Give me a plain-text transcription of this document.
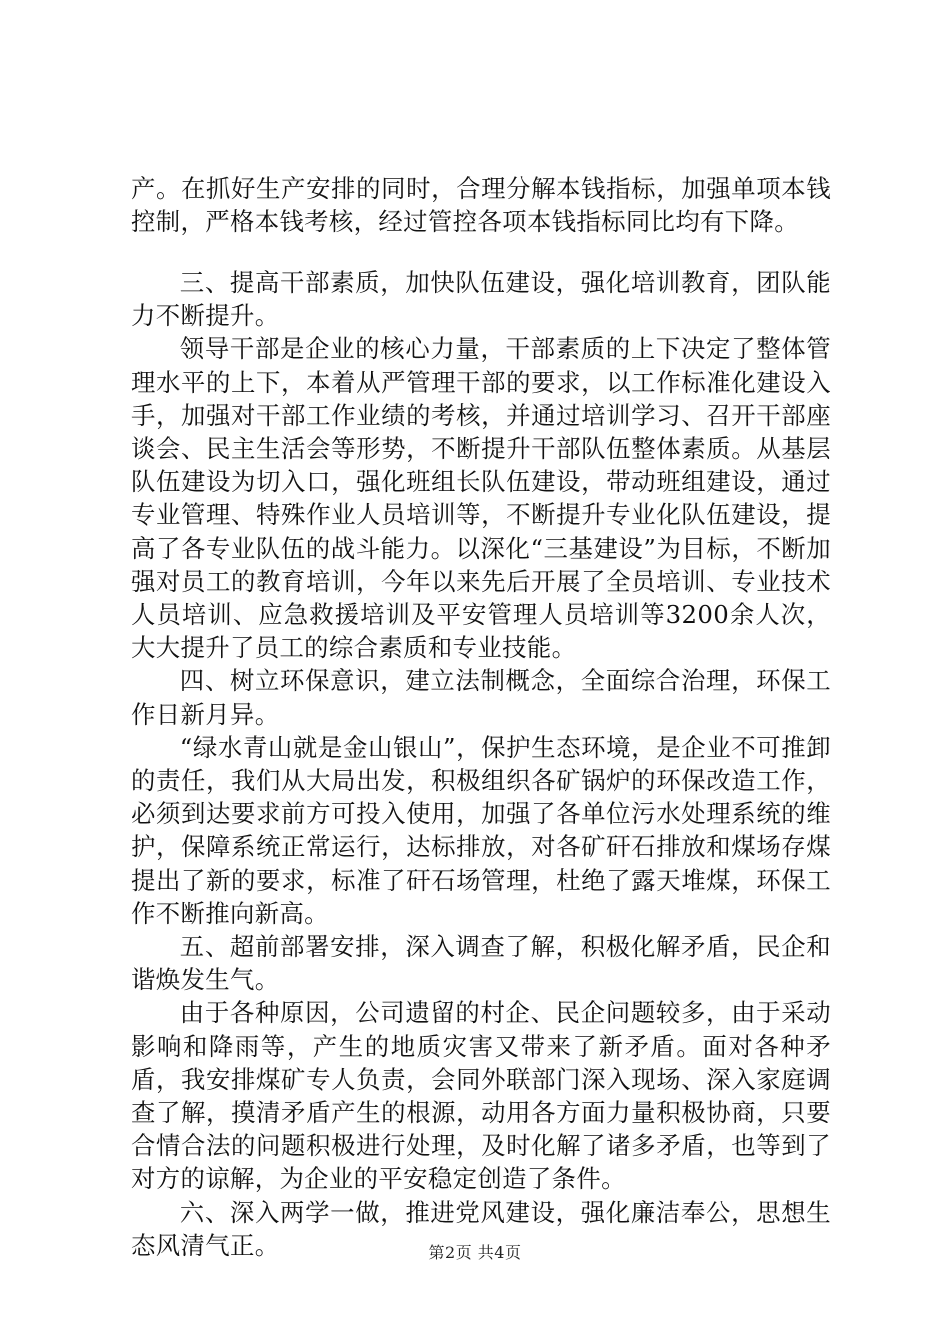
产。在抓好生产安排的同时，合理分解本钱指标，加强单项本钱控制，严格本钱考核，经过管控各项本钱指标同比均有下降。

三、提高干部素质，加快队伍建设，强化培训教育，团队能力不断提升。

领导干部是企业的核心力量，干部素质的上下决定了整体管理水平的上下，本着从严管理干部的要求，以工作标准化建设入手，加强对干部工作业绩的考核，并通过培训学习、召开干部座谈会、民主生活会等形势，不断提升干部队伍整体素质。从基层队伍建设为切入口，强化班组长队伍建设，带动班组建设，通过专业管理、特殊作业人员培训等，不断提升专业化队伍建设，提高了各专业队伍的战斗能力。以深化“三基建设”为目标，不断加强对员工的教育培训，今年以来先后开展了全员培训、专业技术人员培训、应急救援培训及平安管理人员培训等3200余人次，大大提升了员工的综合素质和专业技能。

四、树立环保意识，建立法制概念，全面综合治理，环保工作日新月异。

“绿水青山就是金山银山”，保护生态环境，是企业不可推卸的责任，我们从大局出发，积极组织各矿锅炉的环保改造工作，必须到达要求前方可投入使用，加强了各单位污水处理系统的维护，保障系统正常运行，达标排放，对各矿矸石排放和煤场存煤提出了新的要求，标准了矸石场管理，杜绝了露天堆煤，环保工作不断推向新高。

五、超前部署安排，深入调查了解，积极化解矛盾，民企和谐焕发生气。

由于各种原因，公司遗留的村企、民企问题较多，由于采动影响和降雨等，产生的地质灾害又带来了新矛盾。面对各种矛盾，我安排煤矿专人负责，会同外联部门深入现场、深入家庭调查了解，摸清矛盾产生的根源，动用各方面力量积极协商，只要合情合法的问题积极进行处理，及时化解了诸多矛盾，也等到了对方的谅解，为企业的平安稳定创造了条件。

六、深入两学一做，推进党风建设，强化廉洁奉公，思想生态风清气正。	第2页 共4页
